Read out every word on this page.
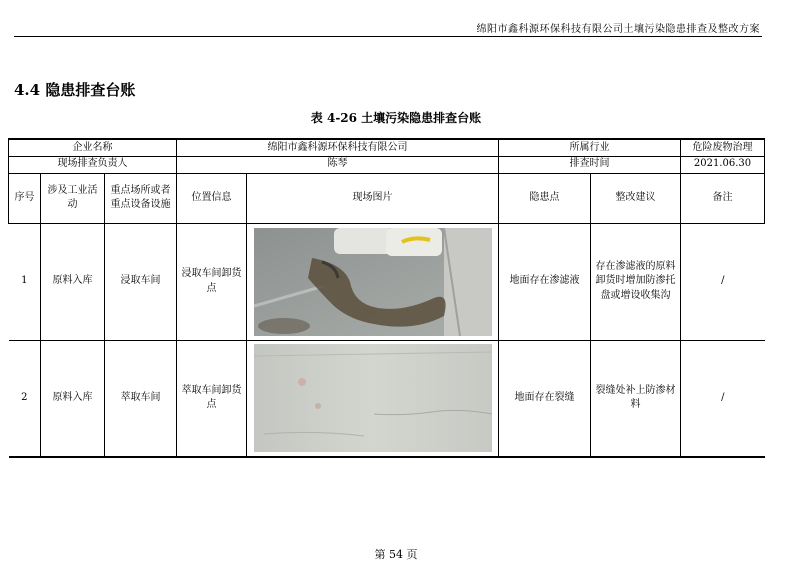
绵阳市鑫科源环保科技有限公司土壤污染隐患排查及整改方案
4.4 隐患排查台账
表 4-26 土壤污染隐患排查台账
企业名称			绵阳市鑫科源环保科技有限公司		所属行业		危险废物治理
现场排查负责人			陈琴		排查时间		2021.06.30
序号	涉及工业活动	重点场所或者重点设备设施	位置信息	现场图片	隐患点	整改建议	备注
1	原料入库	浸取车间	浸取车间卸货点		地面存在渗滤液	存在渗滤液的原料卸货时增加防渗托盘或增设收集沟	/
2	原料入库	萃取车间	萃取车间卸货点		地面存在裂缝	裂缝处补上防渗材料	/
第 54 页
